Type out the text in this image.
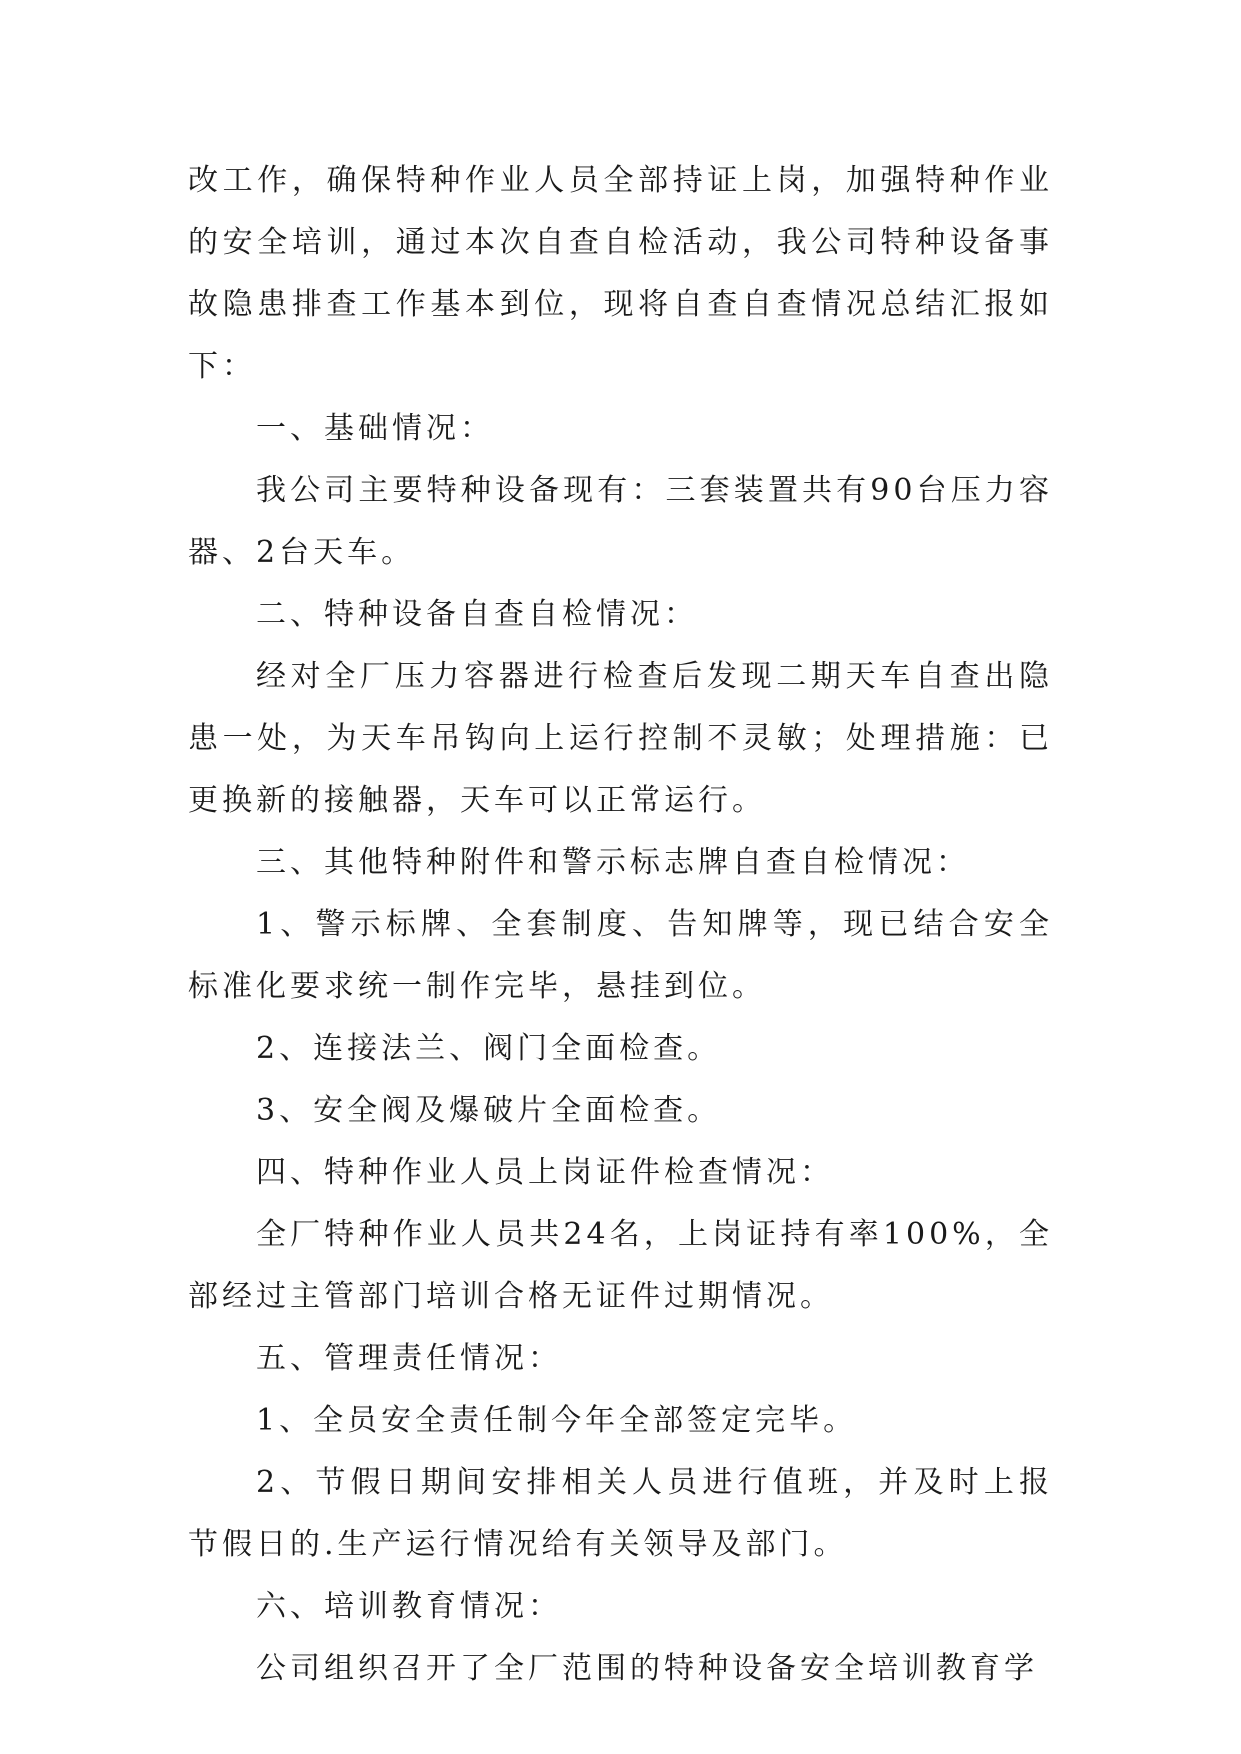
改工作，确保特种作业人员全部持证上岗，加强特种作业的安全培训，通过本次自查自检活动，我公司特种设备事故隐患排查工作基本到位，现将自查自查情况总结汇报如下：

一、基础情况：

我公司主要特种设备现有：三套装置共有90台压力容器、2台天车。

二、特种设备自查自检情况：

经对全厂压力容器进行检查后发现二期天车自查出隐患一处，为天车吊钩向上运行控制不灵敏；处理措施：已更换新的接触器，天车可以正常运行。

三、其他特种附件和警示标志牌自查自检情况：

1、警示标牌、全套制度、告知牌等，现已结合安全标准化要求统一制作完毕，悬挂到位。

2、连接法兰、阀门全面检查。

3、安全阀及爆破片全面检查。

四、特种作业人员上岗证件检查情况：

全厂特种作业人员共24名，上岗证持有率100%，全部经过主管部门培训合格无证件过期情况。

五、管理责任情况：

1、全员安全责任制今年全部签定完毕。

2、节假日期间安排相关人员进行值班，并及时上报节假日的.生产运行情况给有关领导及部门。

六、培训教育情况：

公司组织召开了全厂范围的特种设备安全培训教育学
